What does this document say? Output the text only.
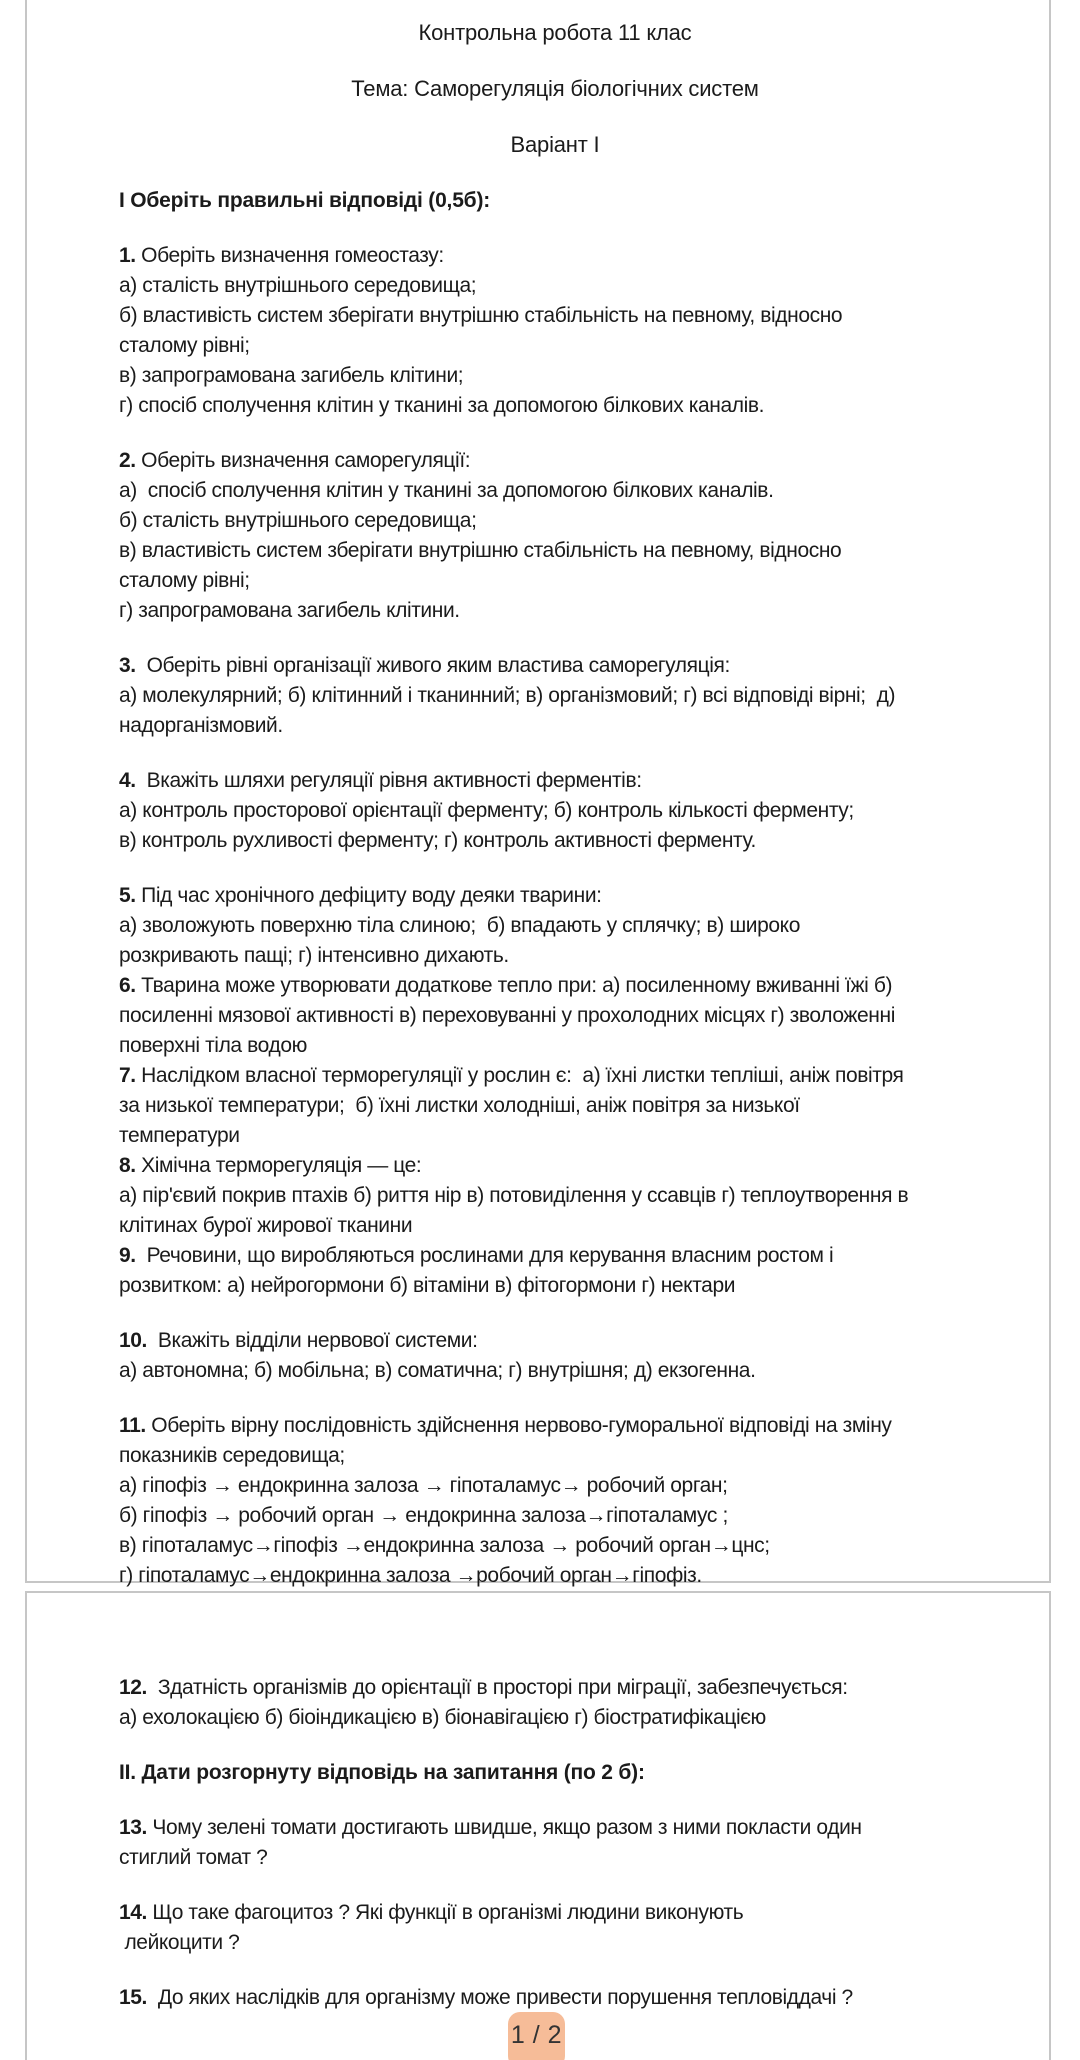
Контрольна робота 11 клас
Тема: Саморегуляція біологічних систем
Варіант I
I Оберіть правильні відповіді (0,5б):
1. Оберіть визначення гомеостазу:
а) сталість внутрішнього середовища;
б) властивість систем зберігати внутрішню стабільність на певному, відносно
сталому рівні;
в) запрограмована загибель клітини;
г) спосіб сполучення клітин у тканині за допомогою білкових каналів.
2. Оберіть визначення саморегуляції:
а)  спосіб сполучення клітин у тканині за допомогою білкових каналів.
б) сталість внутрішнього середовища;
в) властивість систем зберігати внутрішню стабільність на певному, відносно
сталому рівні;
г) запрограмована загибель клітини.
3.  Оберіть рівні організації живого яким властива саморегуляція:
а) молекулярний; б) клітинний і тканинний; в) організмовий; г) всі відповіді вірні;  д)
надорганізмовий.
4.  Вкажіть шляхи регуляції рівня активності ферментів:
а) контроль просторової орієнтації ферменту; б) контроль кількості ферменту;
в) контроль рухливості ферменту; г) контроль активності ферменту.
5. Під час хронічного дефіциту воду деяки тварини:
а) зволожують поверхню тіла слиною;  б) впадають у сплячку; в) широко
розкривають пащі; г) інтенсивно дихають.
6. Тварина може утворювати додаткове тепло при: а) посиленному вживанні їжі б)
посиленні мязової активності в) переховуванні у прохолодних місцях г) зволоженні
поверхні тіла водою
7. Наслідком власної терморегуляції у рослин є:  а) їхні листки тепліші, аніж повітря
за низької температури;  б) їхні листки холодніші, аніж повітря за низької
температури
8. Хімічна терморегуляція — це:
а) пір'євий покрив птахів б) риття нір в) потовиділення у ссавців г) теплоутворення в
клітинах бурої жирової тканини
9.  Речовини, що виробляються рослинами для керування власним ростом і
розвитком: а) нейрогормони б) вітаміни в) фітогормони г) нектари
10.  Вкажіть відділи нервової системи:
а) автономна; б) мобільна; в) соматична; г) внутрішня; д) екзогенна.
11. Оберіть вірну послідовність здійснення нервово-гуморальної відповіді на зміну
показників середовища;
а) гіпофіз → ендокринна залоза → гіпоталамус→ робочий орган;
б) гіпофіз → робочий орган → ендокринна залоза→гіпоталамус ;
в) гіпоталамус→гіпофіз →ендокринна залоза → робочий орган→цнс;
г) гіпоталамус→ендокринна залоза →робочий орган→гіпофіз.
12.  Здатність організмів до орієнтації в просторі при міграції, забезпечується:
а) ехолокацією б) біоіндикацією в) біонавігацією г) біостратифікацією
II. Дати розгорнуту відповідь на запитання (по 2 б):
13. Чому зелені томати достигають швидше, якщо разом з ними покласти один
стиглий томат ?
14. Що таке фагоцитоз ? Які функції в організмі людини виконують
лейкоцити ?
15.  До яких наслідків для організму може привести порушення тепловіддачі ?
1 / 2
